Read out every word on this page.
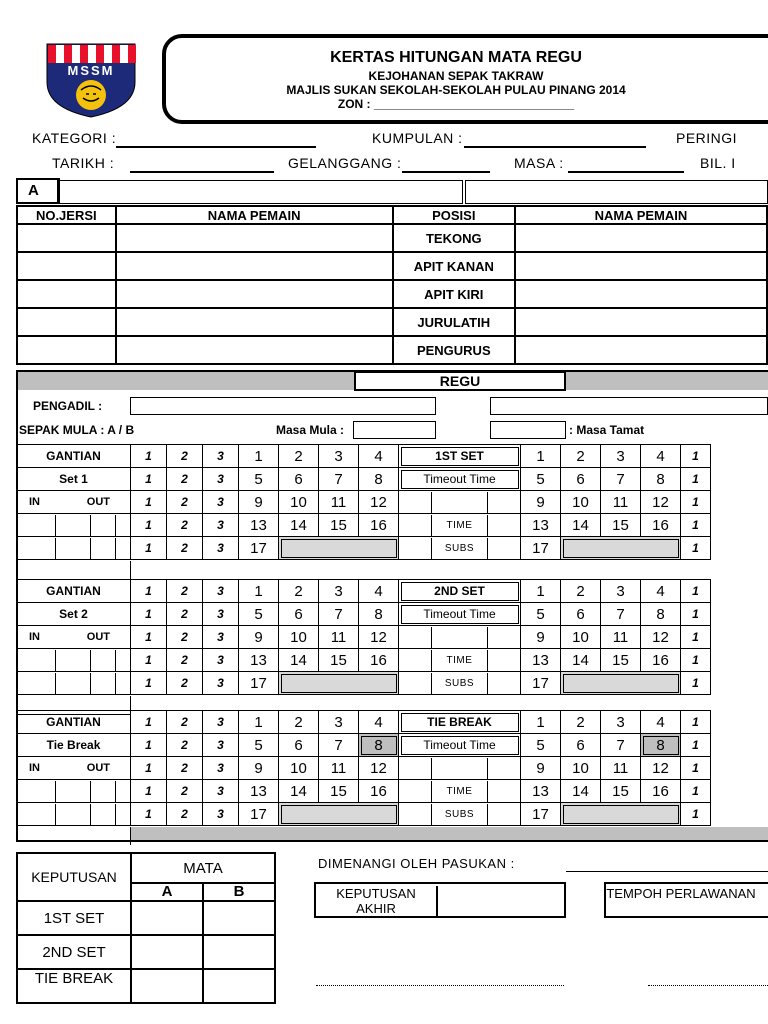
MSSM
KERTAS HITUNGAN MATA REGU
KEJOHANAN SEPAK TAKRAW
MAJLIS SUKAN SEKOLAH-SEKOLAH PULAU PINANG 2014
ZON : ______________________________
KATEGORI :	KUMPULAN :	PERINGI
TARIKH :	GELANGGANG :	MASA :	BIL. I
A
NO.JERSI	NAMA PEMAIN	POSISI	NAMA PEMAIN
		TEKONG	
		APIT KANAN	
		APIT KIRI	
		JURULATIH	
		PENGURUS	
REGU
PENGADIL :
SEPAK MULA : A / B	Masa Mula :	: Masa Tamat
GANTIAN	1	2	3	1	2	3	4	1ST SET	1	2	3	4	1
Set 1	1	2	3	5	6	7	8	Timeout Time	5	6	7	8	1

IN OUT	1	2	3	9	10	11	12		9	10	11	12	1

	1	2	3	13	14	15	16	TIME	13	14	15	16	1

	1	2	3	17				SUBS	17				1
GANTIAN	1	2	3	1	2	3	4	2ND SET	1	2	3	4	1
Set 2	1	2	3	5	6	7	8	Timeout Time	5	6	7	8	1

IN OUT	1	2	3	9	10	11	12		9	10	11	12	1

	1	2	3	13	14	15	16	TIME	13	14	15	16	1

	1	2	3	17				SUBS	17				1
GANTIAN	1	2	3	1	2	3	4	TIE BREAK	1	2	3	4	1
Tie Break	1	2	3	5	6	7	8	Timeout Time	5	6	7	8	1

IN OUT	1	2	3	9	10	11	12		9	10	11	12	1

	1	2	3	13	14	15	16	TIME	13	14	15	16	1

	1	2	3	17				SUBS	17				1
KEPUTUSAN	MATA	
	A	B
1ST SET		
2ND SET		
TIE BREAK		
DIMENANGI OLEH PASUKAN :
KEPUTUSAN AKHIR
TEMPOH PERLAWANAN
